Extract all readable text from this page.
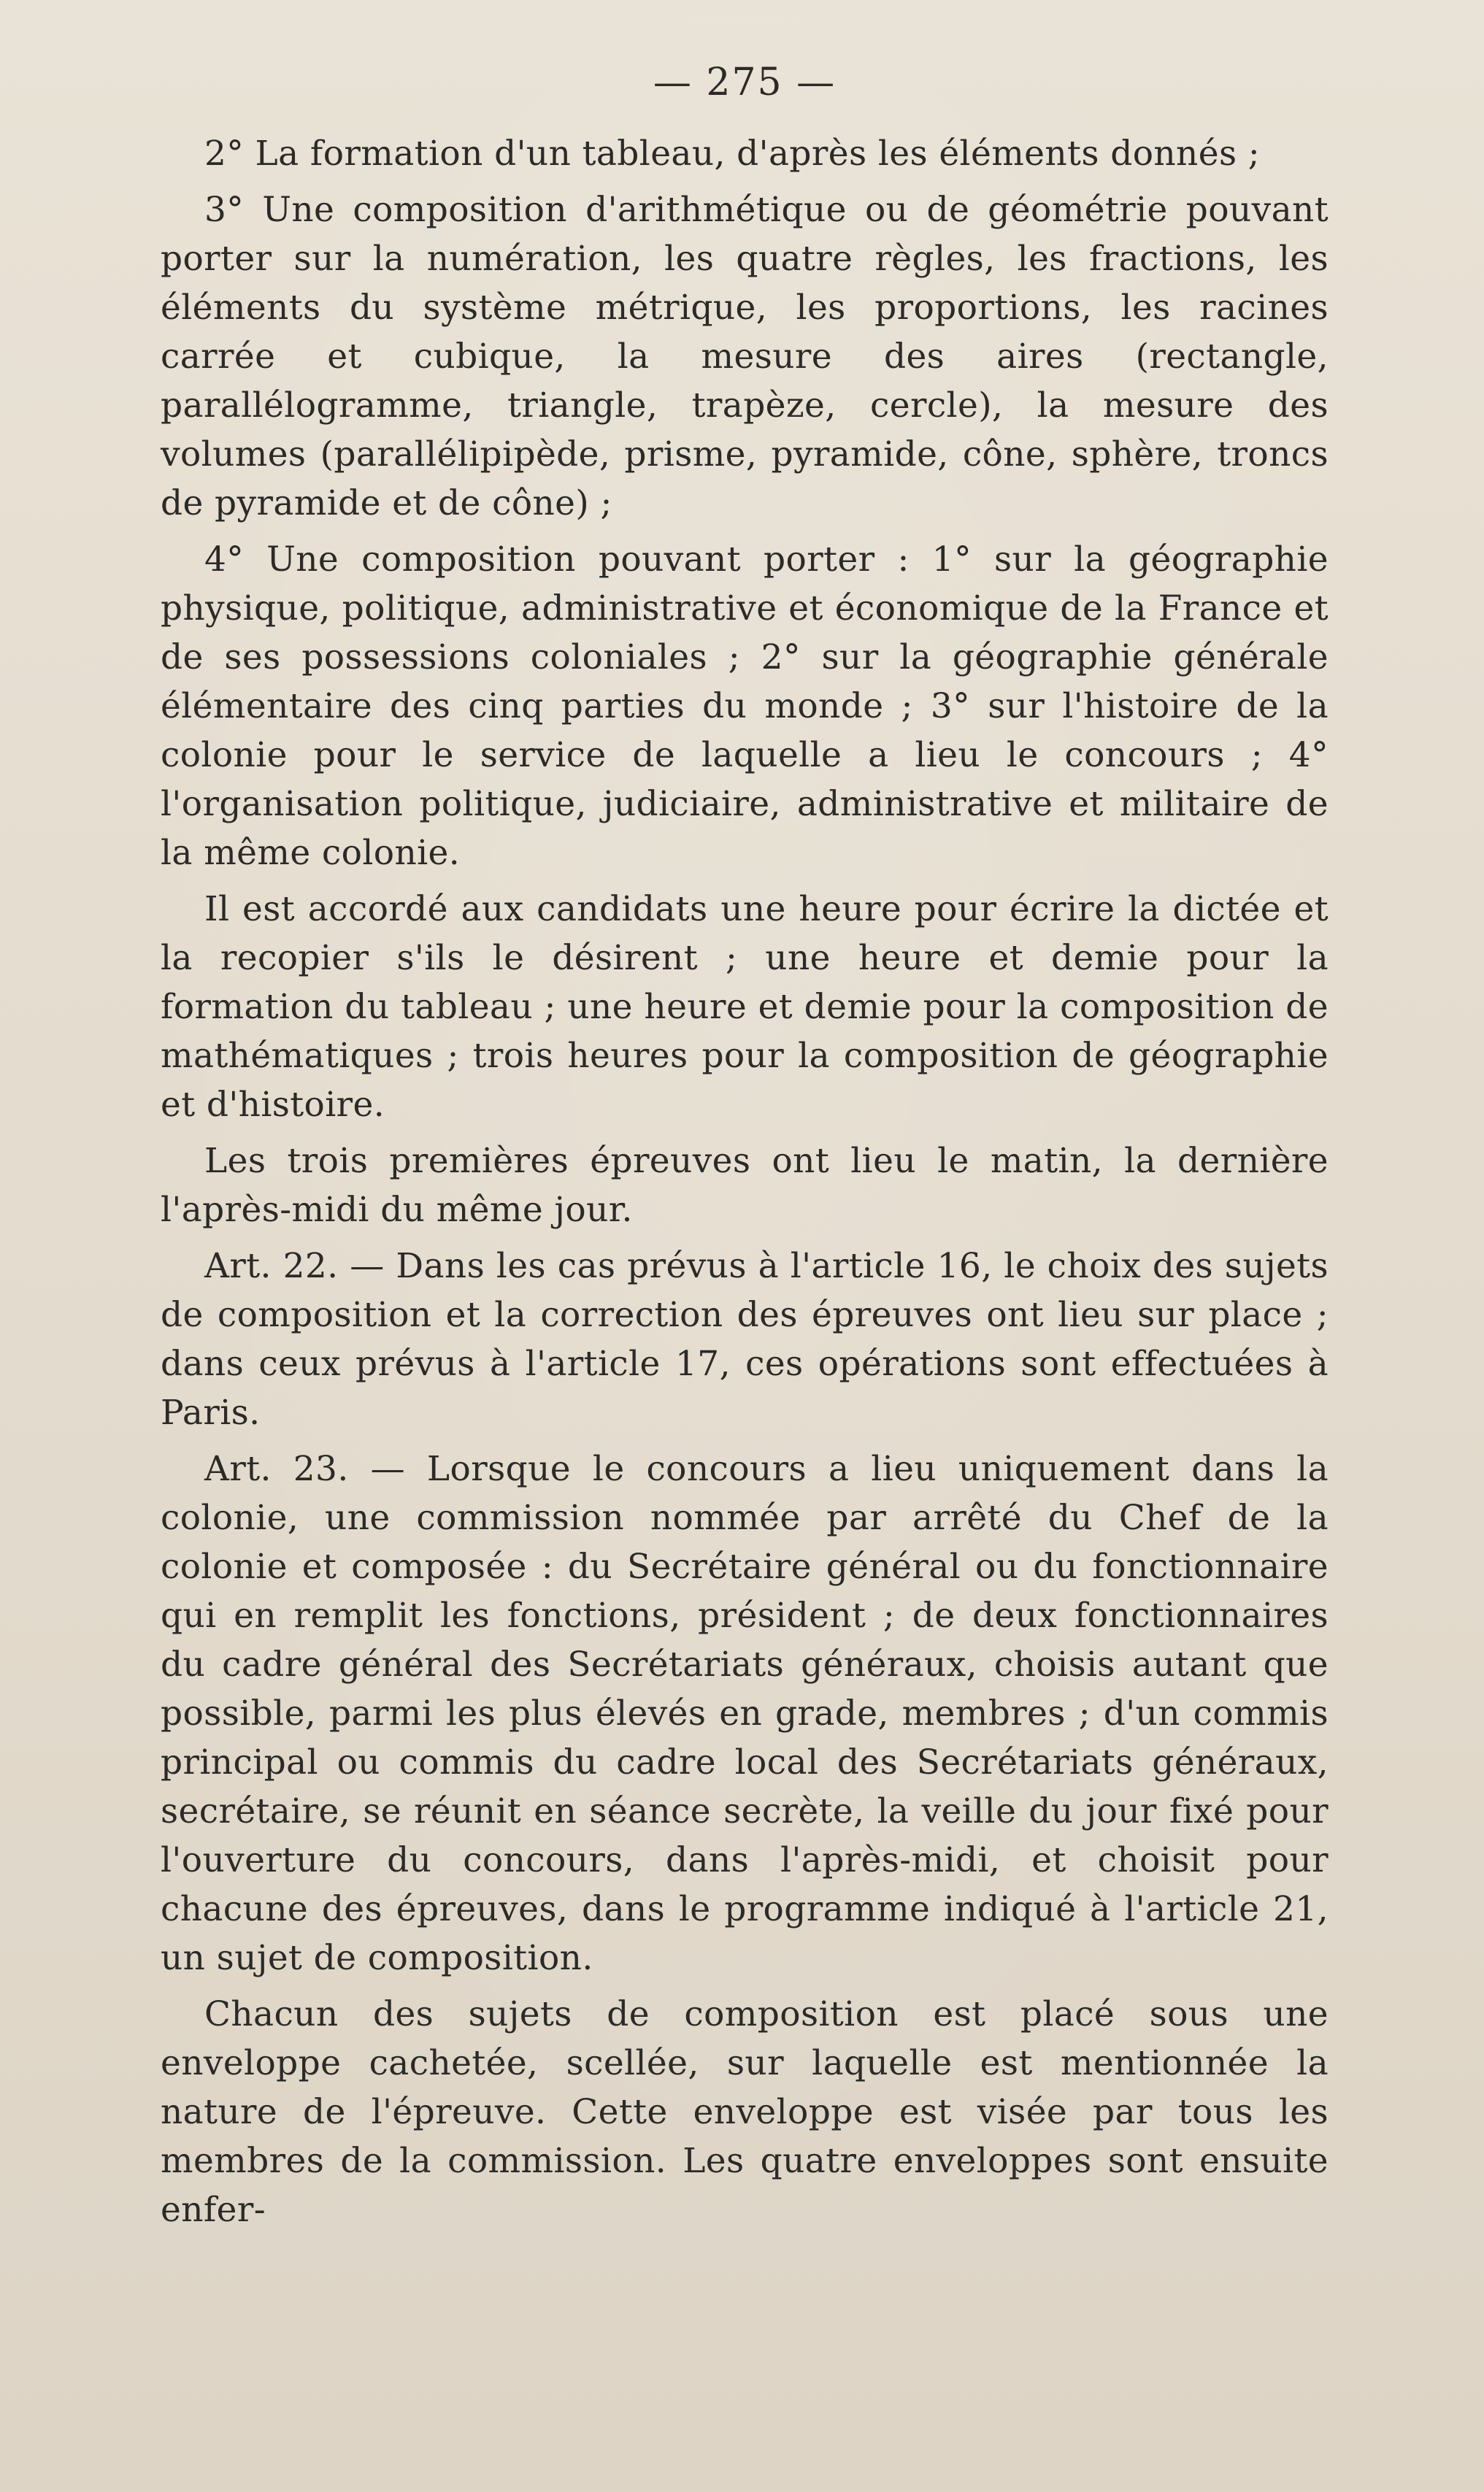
— 275 —

2° La formation d'un tableau, d'après les éléments donnés ;

3° Une composition d'arithmétique ou de géométrie pouvant porter sur la numération, les quatre règles, les fractions, les éléments du système métrique, les proportions, les racines carrée et cubique, la mesure des aires (rectangle, parallélogramme, triangle, trapèze, cercle), la mesure des volumes (parallélipipède, prisme, pyramide, cône, sphère, troncs de pyramide et de cône) ;

4° Une composition pouvant porter : 1° sur la géographie physique, politique, administrative et économique de la France et de ses possessions coloniales ; 2° sur la géographie générale élémentaire des cinq parties du monde ; 3° sur l'histoire de la colonie pour le service de laquelle a lieu le concours ; 4° l'organisation politique, judiciaire, administrative et militaire de la même colonie.

Il est accordé aux candidats une heure pour écrire la dictée et la recopier s'ils le désirent ; une heure et demie pour la formation du tableau ; une heure et demie pour la composition de mathématiques ; trois heures pour la composition de géographie et d'histoire.

Les trois premières épreuves ont lieu le matin, la dernière l'après-midi du même jour.

Art. 22. — Dans les cas prévus à l'article 16, le choix des sujets de composition et la correction des épreuves ont lieu sur place ; dans ceux prévus à l'article 17, ces opérations sont effectuées à Paris.

Art. 23. — Lorsque le concours a lieu uniquement dans la colonie, une commission nommée par arrêté du Chef de la colonie et composée : du Secrétaire général ou du fonctionnaire qui en remplit les fonctions, président ; de deux fonctionnaires du cadre général des Secrétariats généraux, choisis autant que possible, parmi les plus élevés en grade, membres ; d'un commis principal ou commis du cadre local des Secrétariats généraux, secrétaire, se réunit en séance secrète, la veille du jour fixé pour l'ouverture du concours, dans l'après-midi, et choisit pour chacune des épreuves, dans le programme indiqué à l'article 21, un sujet de composition.

Chacun des sujets de composition est placé sous une enveloppe cachetée, scellée, sur laquelle est mentionnée la nature de l'épreuve. Cette enveloppe est visée par tous les membres de la commission. Les quatre enveloppes sont ensuite enfer-
